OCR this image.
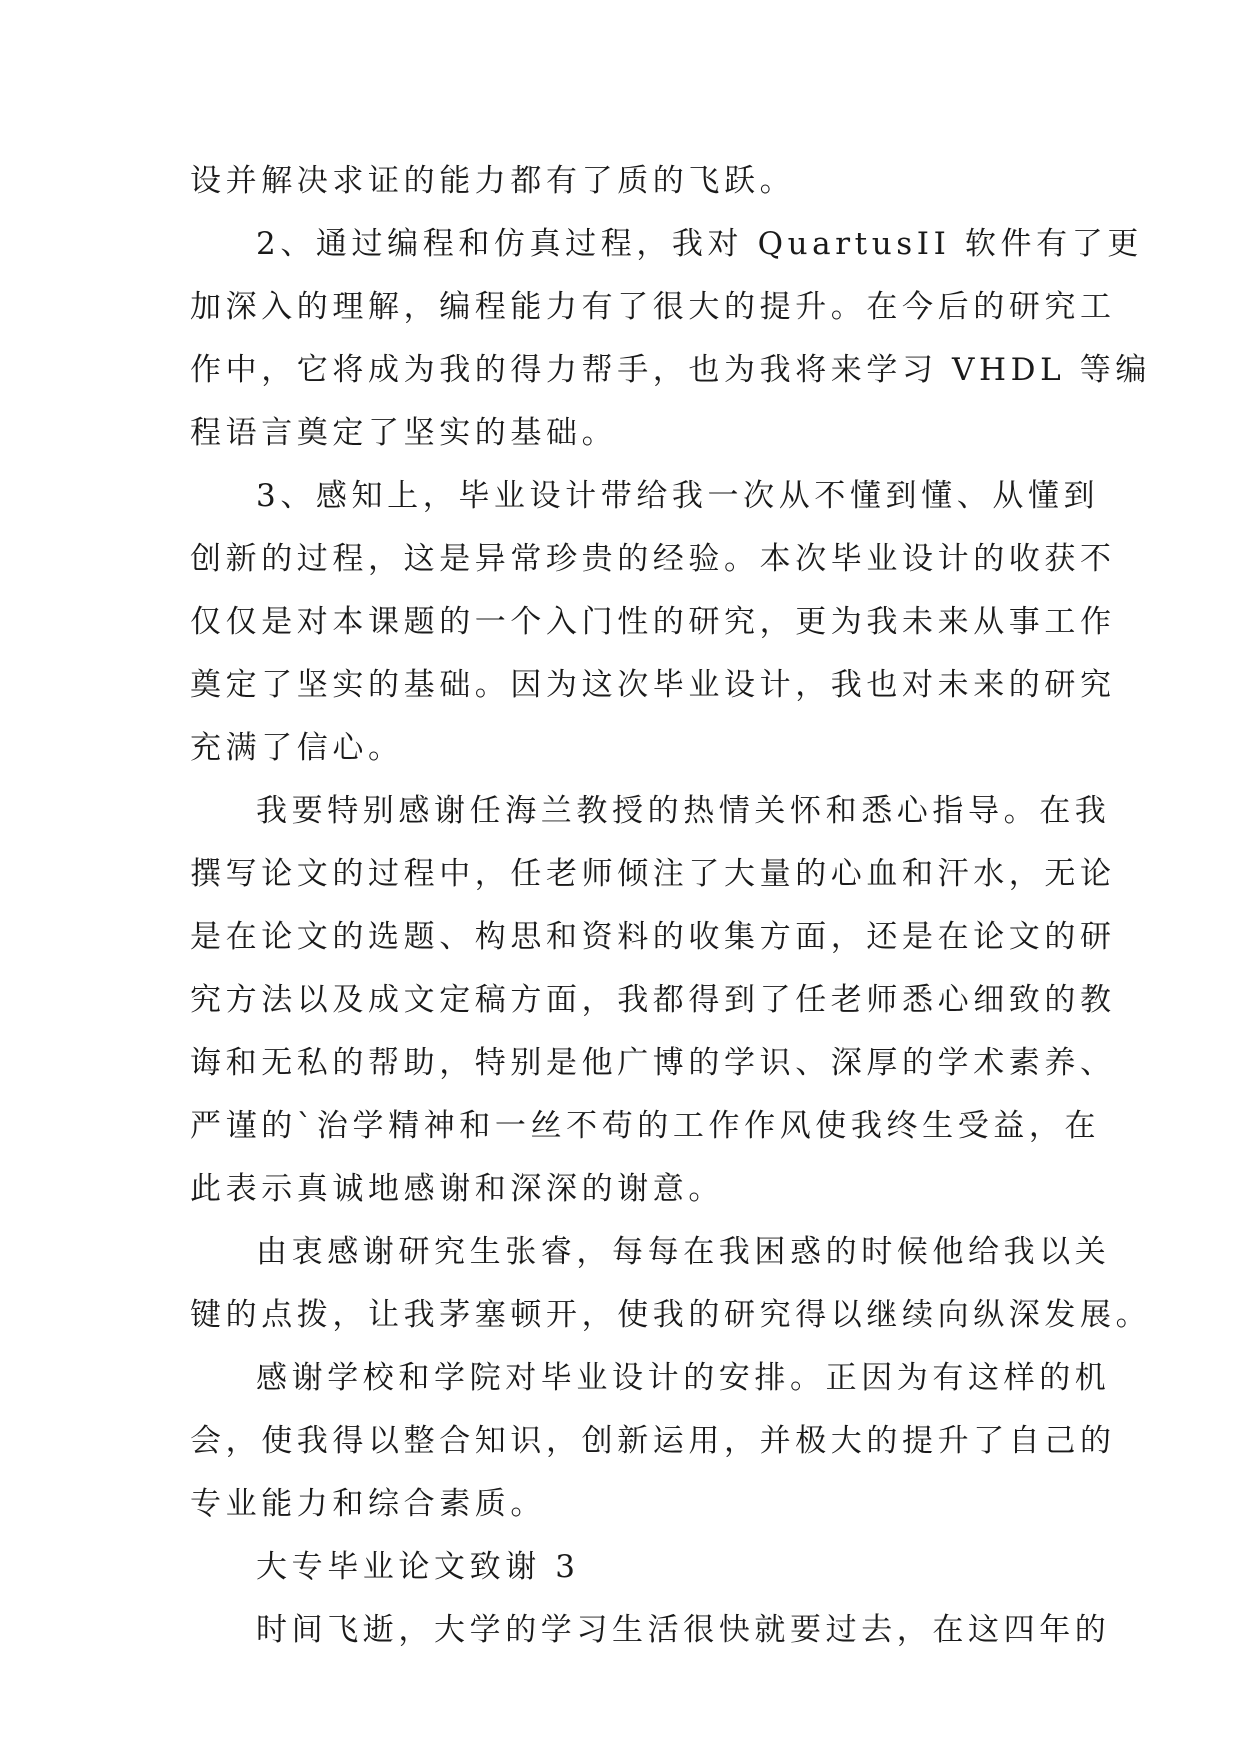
设并解决求证的能力都有了质的飞跃。
2、通过编程和仿真过程，我对 QuartusII 软件有了更
加深入的理解，编程能力有了很大的提升。在今后的研究工
作中，它将成为我的得力帮手，也为我将来学习 VHDL 等编
程语言奠定了坚实的基础。
3、感知上，毕业设计带给我一次从不懂到懂、从懂到
创新的过程，这是异常珍贵的经验。本次毕业设计的收获不
仅仅是对本课题的一个入门性的研究，更为我未来从事工作
奠定了坚实的基础。因为这次毕业设计，我也对未来的研究
充满了信心。
我要特别感谢任海兰教授的热情关怀和悉心指导。在我
撰写论文的过程中，任老师倾注了大量的心血和汗水，无论
是在论文的选题、构思和资料的收集方面，还是在论文的研
究方法以及成文定稿方面，我都得到了任老师悉心细致的教
诲和无私的帮助，特别是他广博的学识、深厚的学术素养、
严谨的`治学精神和一丝不苟的工作作风使我终生受益，在
此表示真诚地感谢和深深的谢意。
由衷感谢研究生张睿，每每在我困惑的时候他给我以关
键的点拨，让我茅塞顿开，使我的研究得以继续向纵深发展。
感谢学校和学院对毕业设计的安排。正因为有这样的机
会，使我得以整合知识，创新运用，并极大的提升了自己的
专业能力和综合素质。
大专毕业论文致谢 3
时间飞逝，大学的学习生活很快就要过去，在这四年的
